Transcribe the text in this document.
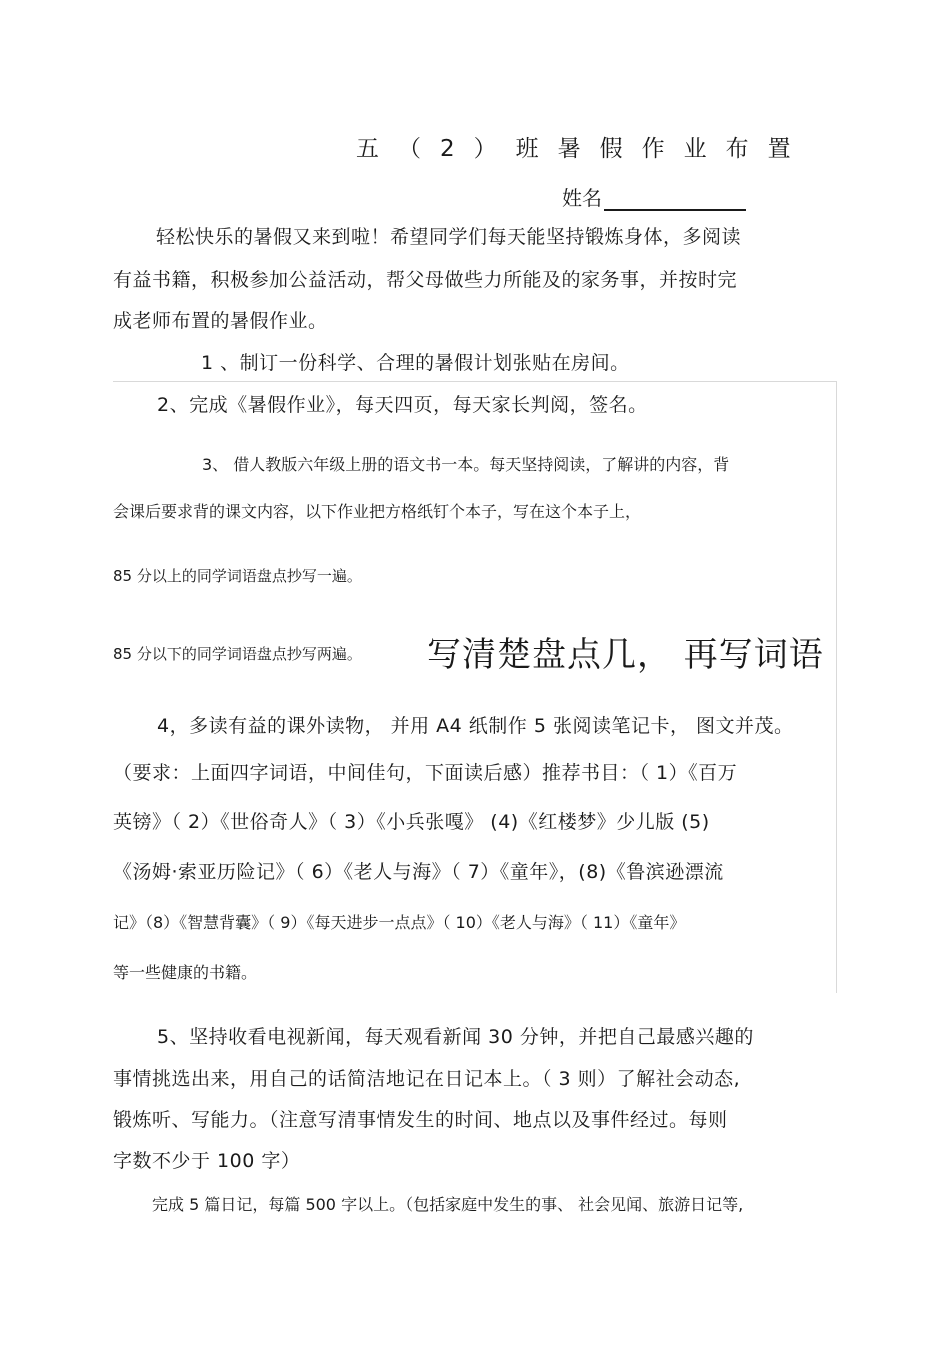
五（2）班暑假作业布置
姓名

轻松快乐的暑假又来到啦！希望同学们每天能坚持锻炼身体，多阅读

有益书籍，积极参加公益活动，帮父母做些力所能及的家务事，并按时完

成老师布置的暑假作业。

1 、制订一份科学、合理的暑假计划张贴在房间。

2、完成《暑假作业》，每天四页，每天家长判阅，签名。

3、 借人教版六年级上册的语文书一本。每天坚持阅读，了解讲的内容，背

会课后要求背的课文内容，以下作业把方格纸钉个本子，写在这个本子上，

85 分以上的同学词语盘点抄写一遍。

85 分以下的同学词语盘点抄写两遍。 写清楚盘点几， 再写词语

4，多读有益的课外读物， 并用 A4 纸制作 5 张阅读笔记卡， 图文并茂。

（要求：上面四字词语，中间佳句，下面读后感）推荐书目：（ 1）《百万

英镑》（ 2）《世俗奇人》（ 3）《小兵张嘎》 (4)《红楼梦》少儿版 (5)

《汤姆·索亚历险记》（ 6）《老人与海》（ 7）《童年》，(8)《鲁滨逊漂流

记》（8）《智慧背囊》（ 9）《每天进步一点点》（ 10）《老人与海》（ 11）《童年》

等一些健康的书籍。

5、坚持收看电视新闻，每天观看新闻 30 分钟，并把自己最感兴趣的

事情挑选出来，用自己的话简洁地记在日记本上。（ 3 则）了解社会动态,

锻炼听、写能力。（注意写清事情发生的时间、地点以及事件经过。每则

字数不少于 100 字）

完成 5 篇日记，每篇 500 字以上。（包括家庭中发生的事、 社会见闻、旅游日记等,
